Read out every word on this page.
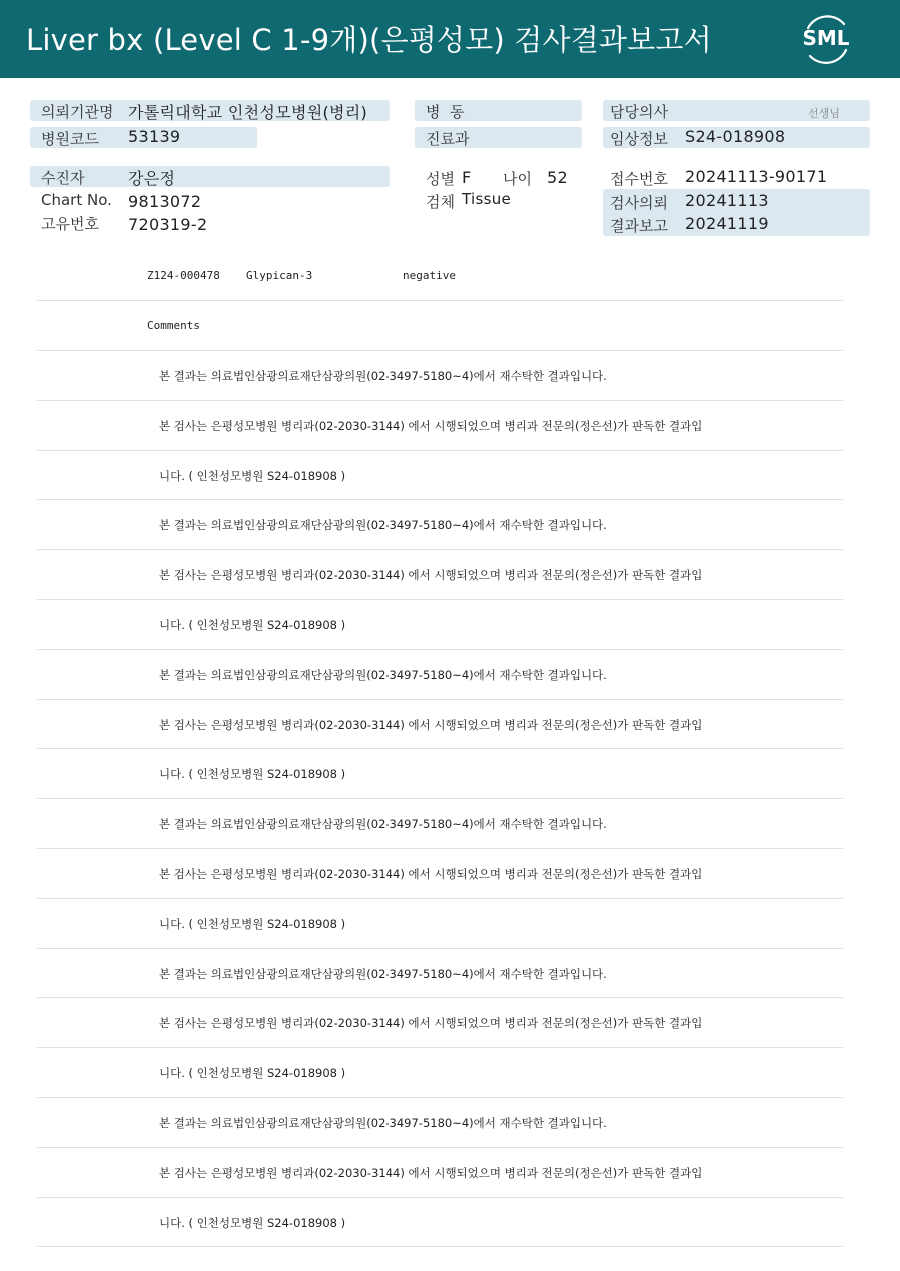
Liver bx (Level C 1-9개)(은평성모) 검사결과보고서	SML
의뢰기관명 가톨릭대학교 인천성모병원(병리)
병원코드 53139
수진자	강은정
Chart No. 9813072
고유번호 720319-2
병  동
진료과
성별 F 나이 52
검체 Tissue
담당의사	선생님
임상정보 S24-018908
접수번호 20241113-90171
검사의뢰 20241113
결과보고 20241119
Z124-000478 Glypican-3	negative
Comments
본 결과는 의료법인삼광의료재단삼광의원(02-3497-5180~4)에서 재수탁한 결과입니다.
본 검사는 은평성모병원 병리과(02-2030-3144) 에서 시행되었으며 병리과 전문의(정은선)가 판독한 결과입
니다. ( 인천성모병원 S24-018908 )
본 결과는 의료법인삼광의료재단삼광의원(02-3497-5180~4)에서 재수탁한 결과입니다.
본 검사는 은평성모병원 병리과(02-2030-3144) 에서 시행되었으며 병리과 전문의(정은선)가 판독한 결과입
니다. ( 인천성모병원 S24-018908 )
본 결과는 의료법인삼광의료재단삼광의원(02-3497-5180~4)에서 재수탁한 결과입니다.
본 검사는 은평성모병원 병리과(02-2030-3144) 에서 시행되었으며 병리과 전문의(정은선)가 판독한 결과입
니다. ( 인천성모병원 S24-018908 )
본 결과는 의료법인삼광의료재단삼광의원(02-3497-5180~4)에서 재수탁한 결과입니다.
본 검사는 은평성모병원 병리과(02-2030-3144) 에서 시행되었으며 병리과 전문의(정은선)가 판독한 결과입
니다. ( 인천성모병원 S24-018908 )
본 결과는 의료법인삼광의료재단삼광의원(02-3497-5180~4)에서 재수탁한 결과입니다.
본 검사는 은평성모병원 병리과(02-2030-3144) 에서 시행되었으며 병리과 전문의(정은선)가 판독한 결과입
니다. ( 인천성모병원 S24-018908 )
본 결과는 의료법인삼광의료재단삼광의원(02-3497-5180~4)에서 재수탁한 결과입니다.
본 검사는 은평성모병원 병리과(02-2030-3144) 에서 시행되었으며 병리과 전문의(정은선)가 판독한 결과입
니다. ( 인천성모병원 S24-018908 )
